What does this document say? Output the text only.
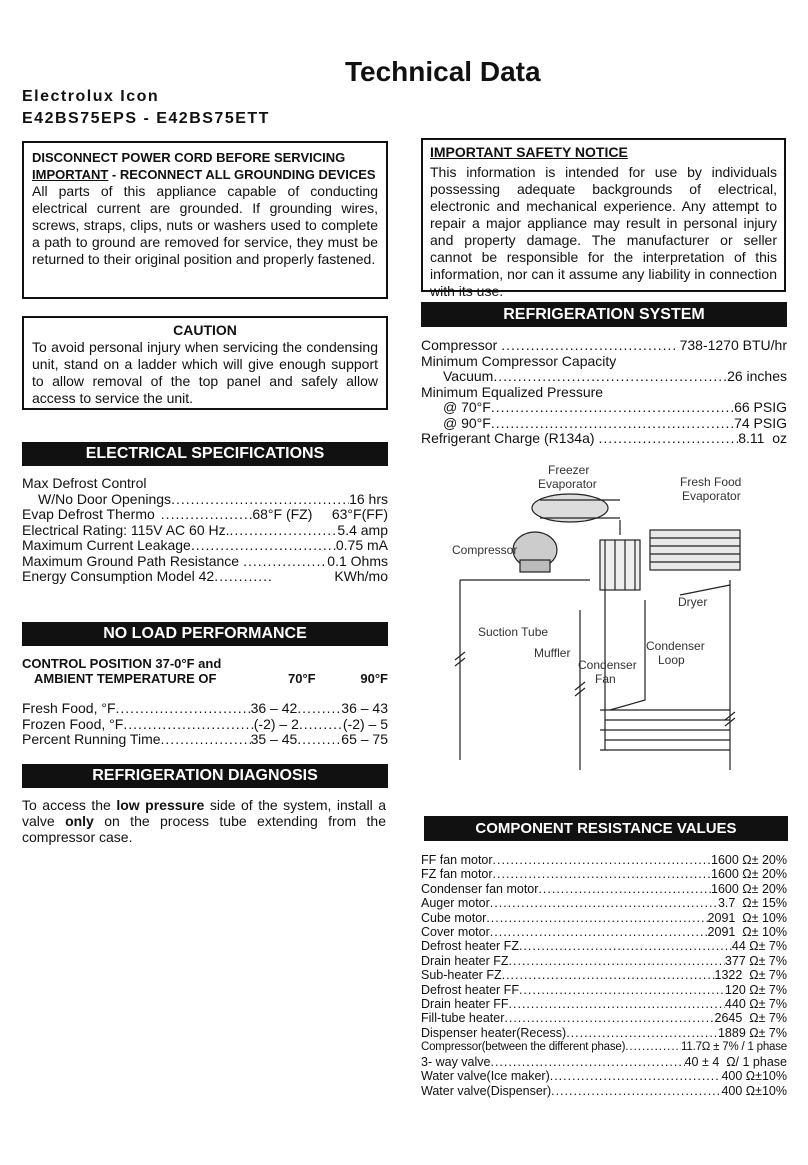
Technical Data
Electrolux Icon
E42BS75EPS - E42BS75ETT
DISCONNECT POWER CORD BEFORE SERVICING
IMPORTANT - RECONNECT ALL GROUNDING DEVICES
All parts of this appliance capable of conducting electrical current are grounded. If grounding wires, screws, straps, clips, nuts or washers used to complete a path to ground are removed for service, they must be returned to their original position and properly fastened.
IMPORTANT SAFETY NOTICE
This information is intended for use by individuals possessing adequate backgrounds of electrical, electronic and mechanical experience. Any attempt to repair a major appliance may result in personal injury and property damage. The manufacturer or seller cannot be responsible for the interpretation of this information, nor can it assume any liability in connection with its use.
CAUTION
To avoid personal injury when servicing the condensing unit, stand on a ladder which will give enough support to allow removal of the top panel and safely allow access to service the unit.
ELECTRICAL SPECIFICATIONS
Max Defrost Control
W/No Door Openings .....	16 hrs
Evap Defrost Thermo .....	68°F (FZ)     63°F(FF)
Electrical Rating: 115V AC 60 Hz. .....	5.4 amp
Maximum Current Leakage .....	0.75 mA
Maximum Ground Path Resistance .....	0.1 Ohms
Energy Consumption Model 42 .....	KWh/mo
NO LOAD PERFORMANCE
CONTROL POSITION 37-0°F and
AMBIENT TEMPERATURE OF	70°F	90°F
Fresh Food, °F .....	36 – 42 .....	36 – 43
Frozen Food, °F .....	(-2) – 2 .....	(-2) – 5
Percent Running Time .....	35 – 45 .....	65 – 75
REFRIGERATION DIAGNOSIS
To access the low pressure side of the system, install a valve only on the process tube extending from the compressor case.
REFRIGERATION SYSTEM
Compressor .....	738-1270 BTU/hr
Minimum Compressor Capacity
Vacuum .....	26 inches
Minimum Equalized Pressure
@ 70°F .....	66 PSIG
@ 90°F .....	74 PSIG
Refrigerant Charge (R134a) .....	8.11  oz
Freezer
Evaporator	Fresh Food
Evaporator
Compressor
Dryer
Suction Tube
Condenser
Loop
Muffler
Condenser
Fan
COMPONENT RESISTANCE VALUES
FF fan motor .....	1600 Ω± 20%
FZ fan motor .....	1600 Ω± 20%
Condenser fan motor .....	1600 Ω± 20%
Auger motor .....	3.7  Ω± 15%
Cube motor .....	2091  Ω± 10%
Cover motor .....	2091  Ω± 10%
Defrost heater FZ .....	44 Ω± 7%
Drain heater FZ .....	377 Ω± 7%
Sub-heater FZ .....	1322  Ω± 7%
Defrost heater FF .....	120 Ω± 7%
Drain heater FF .....	440 Ω± 7%
Fill-tube heater .....	2645  Ω± 7%
Dispenser heater(Recess) .....	1889 Ω± 7%
Compressor(between the different phase) .....	11.7Ω ± 7% / 1 phase
3- way valve .....	40 ± 4  Ω/ 1 phase
Water valve(Ice maker) .....	400 Ω±10%
Water valve(Dispenser) .....	400 Ω±10%
